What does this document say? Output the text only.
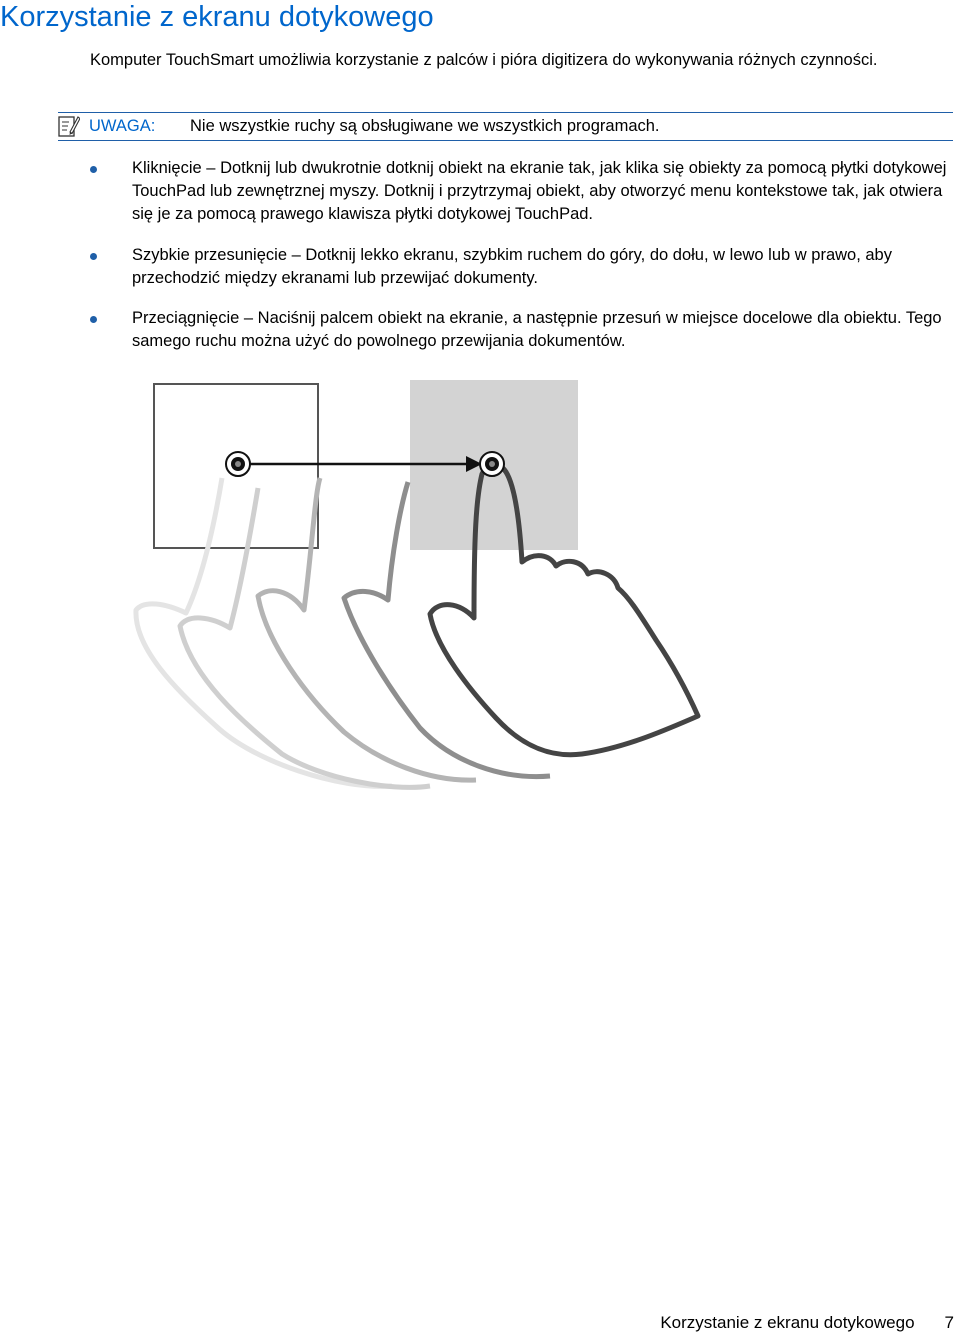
Korzystanie z ekranu dotykowego

Komputer TouchSmart umożliwia korzystanie z palców i pióra digitizera do wykonywania różnych czynności.

UWAGA: Nie wszystkie ruchy są obsługiwane we wszystkich programach.
Kliknięcie – Dotknij lub dwukrotnie dotknij obiekt na ekranie tak, jak klika się obiekty za pomocą płytki dotykowej TouchPad lub zewnętrznej myszy. Dotknij i przytrzymaj obiekt, aby otworzyć menu kontekstowe tak, jak otwiera się je za pomocą prawego klawisza płytki dotykowej TouchPad.
Szybkie przesunięcie – Dotknij lekko ekranu, szybkim ruchem do góry, do dołu, w lewo lub w prawo, aby przechodzić między ekranami lub przewijać dokumenty.
Przeciągnięcie – Naciśnij palcem obiekt na ekranie, a następnie przesuń w miejsce docelowe dla obiektu. Tego samego ruchu można użyć do powolnego przewijania dokumentów.
Korzystanie z ekranu dotykowego 7
